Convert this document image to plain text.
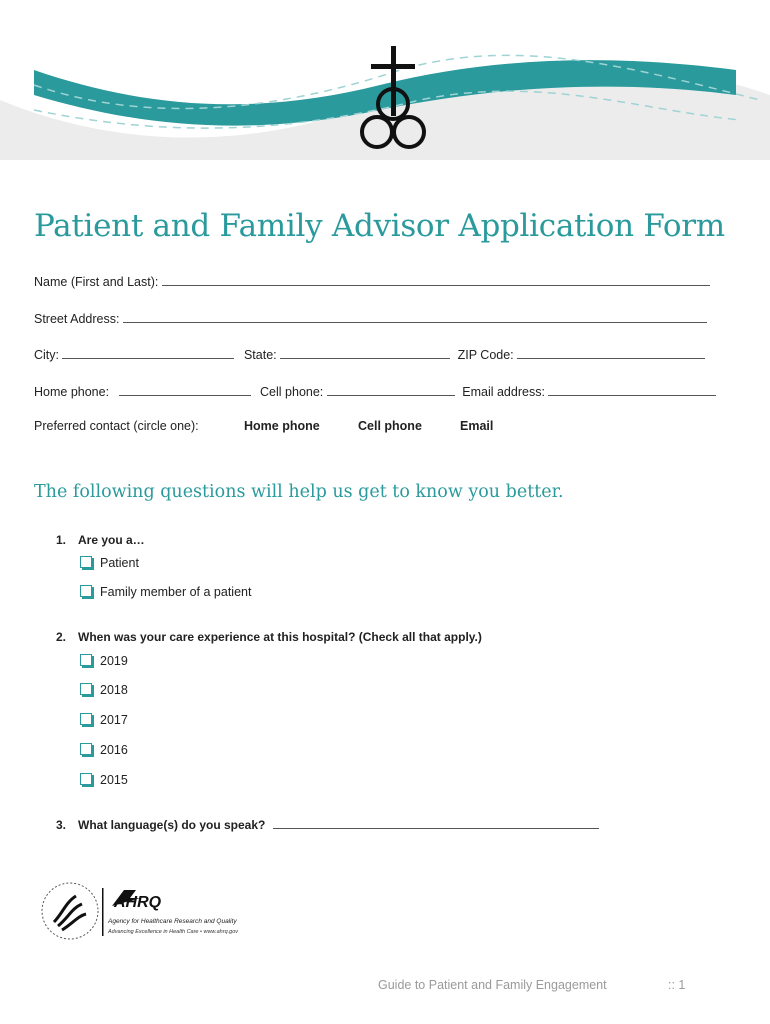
Patient and Family Advisor Application Form
Name (First and Last):
Street Address:
City:	State:	ZIP Code:
Home phone:	Cell phone:	Email address:
Preferred contact (circle one):	Home phone	Cell phone	Email
The following questions will help us get to know you better.
1. Are you a…
Patient
Family member of a patient
2. When was your care experience at this hospital? (Check all that apply.)
2019
2018
2017
2016
2015
3. What language(s) do you speak?
AHRQ
Agency for Healthcare Research and Quality
Advancing Excellence in Health Care • www.ahrq.gov
Guide to Patient and Family Engagement	:: 1
